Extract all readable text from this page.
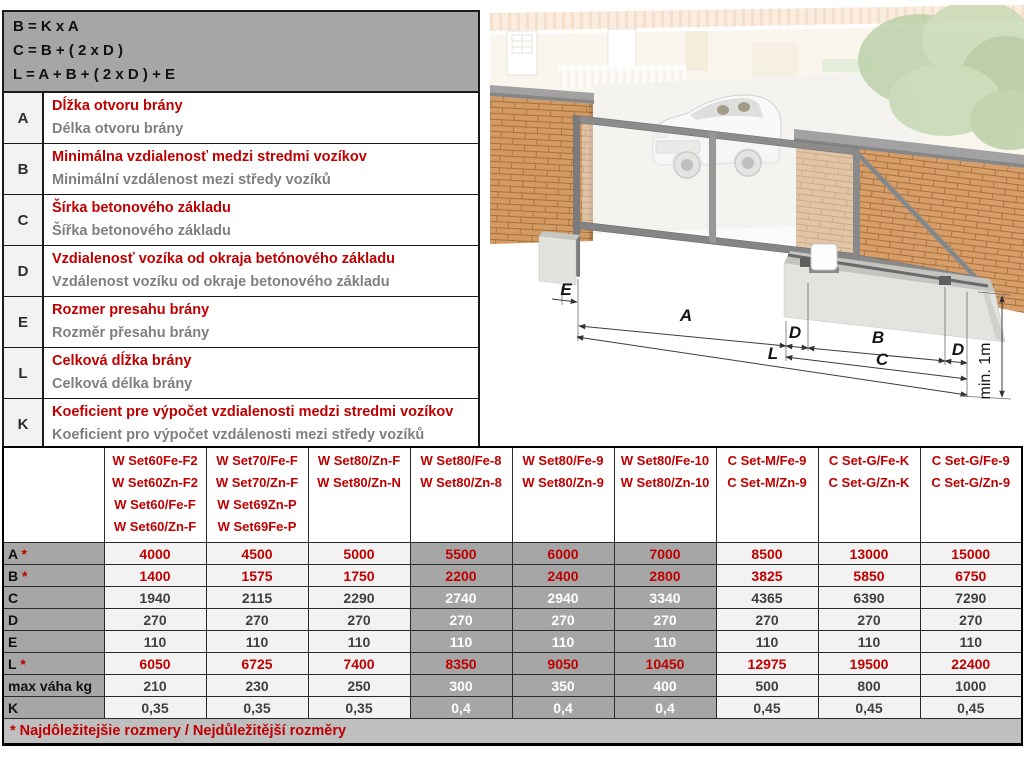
B = K x A
C = B + ( 2 x D )
L = A + B + ( 2 x D ) + E
A
Dĺžka otvoru brány
Délka otvoru brány
B
Minimálna vzdialenosť medzi stredmi vozíkov
Minimální vzdálenost mezi středy vozíků
C
Šírka betonového základu
Šířka betonového základu
D
Vzdialenosť vozíka od okraja betónového základu
Vzdálenost vozíku od okraje betonového základu
E
Rozmer presahu brány
Rozměr přesahu brány
L
Celková dĺžka brány
Celková délka brány
K
Koeficient pre výpočet vzdialenosti medzi stredmi vozíkov
Koeficient pro výpočet vzdálenosti mezi středy vozíků
E
A
D	B
D
C
L	min. 1m

W Set60Fe-F2
W Set60Zn-F2
W Set60/Fe-F
W Set60/Zn-F

W Set70/Fe-F
W Set70/Zn-F
W Set69Zn-P
W Set69Fe-P

W Set80/Zn-F
W Set80/Zn-N

W Set80/Fe-8
W Set80/Zn-8

W Set80/Fe-9
W Set80/Zn-9

W Set80/Fe-10
W Set80/Zn-10

C Set-M/Fe-9
C Set-M/Zn-9

C Set-G/Fe-K
C Set-G/Zn-K

C Set-G/Fe-9
C Set-G/Zn-9

A *	4000	4500	5000	5500	6000	7000	8500	13000	15000
B *	1400	1575	1750	2200	2400	2800	3825	5850	6750
C	1940	2115	2290	2740	2940	3340	4365	6390	7290
D	270	270	270	270	270	270	270	270	270
E	110	110	110	110	110	110	110	110	110
L *	6050	6725	7400	8350	9050	10450	12975	19500	22400
max váha kg	210	230	250	300	350	400	500	800	1000
K	0,35	0,35	0,35	0,4	0,4	0,4	0,45	0,45	0,45
* Najdôležitejšie rozmery / Nejdůležitější rozměry									
